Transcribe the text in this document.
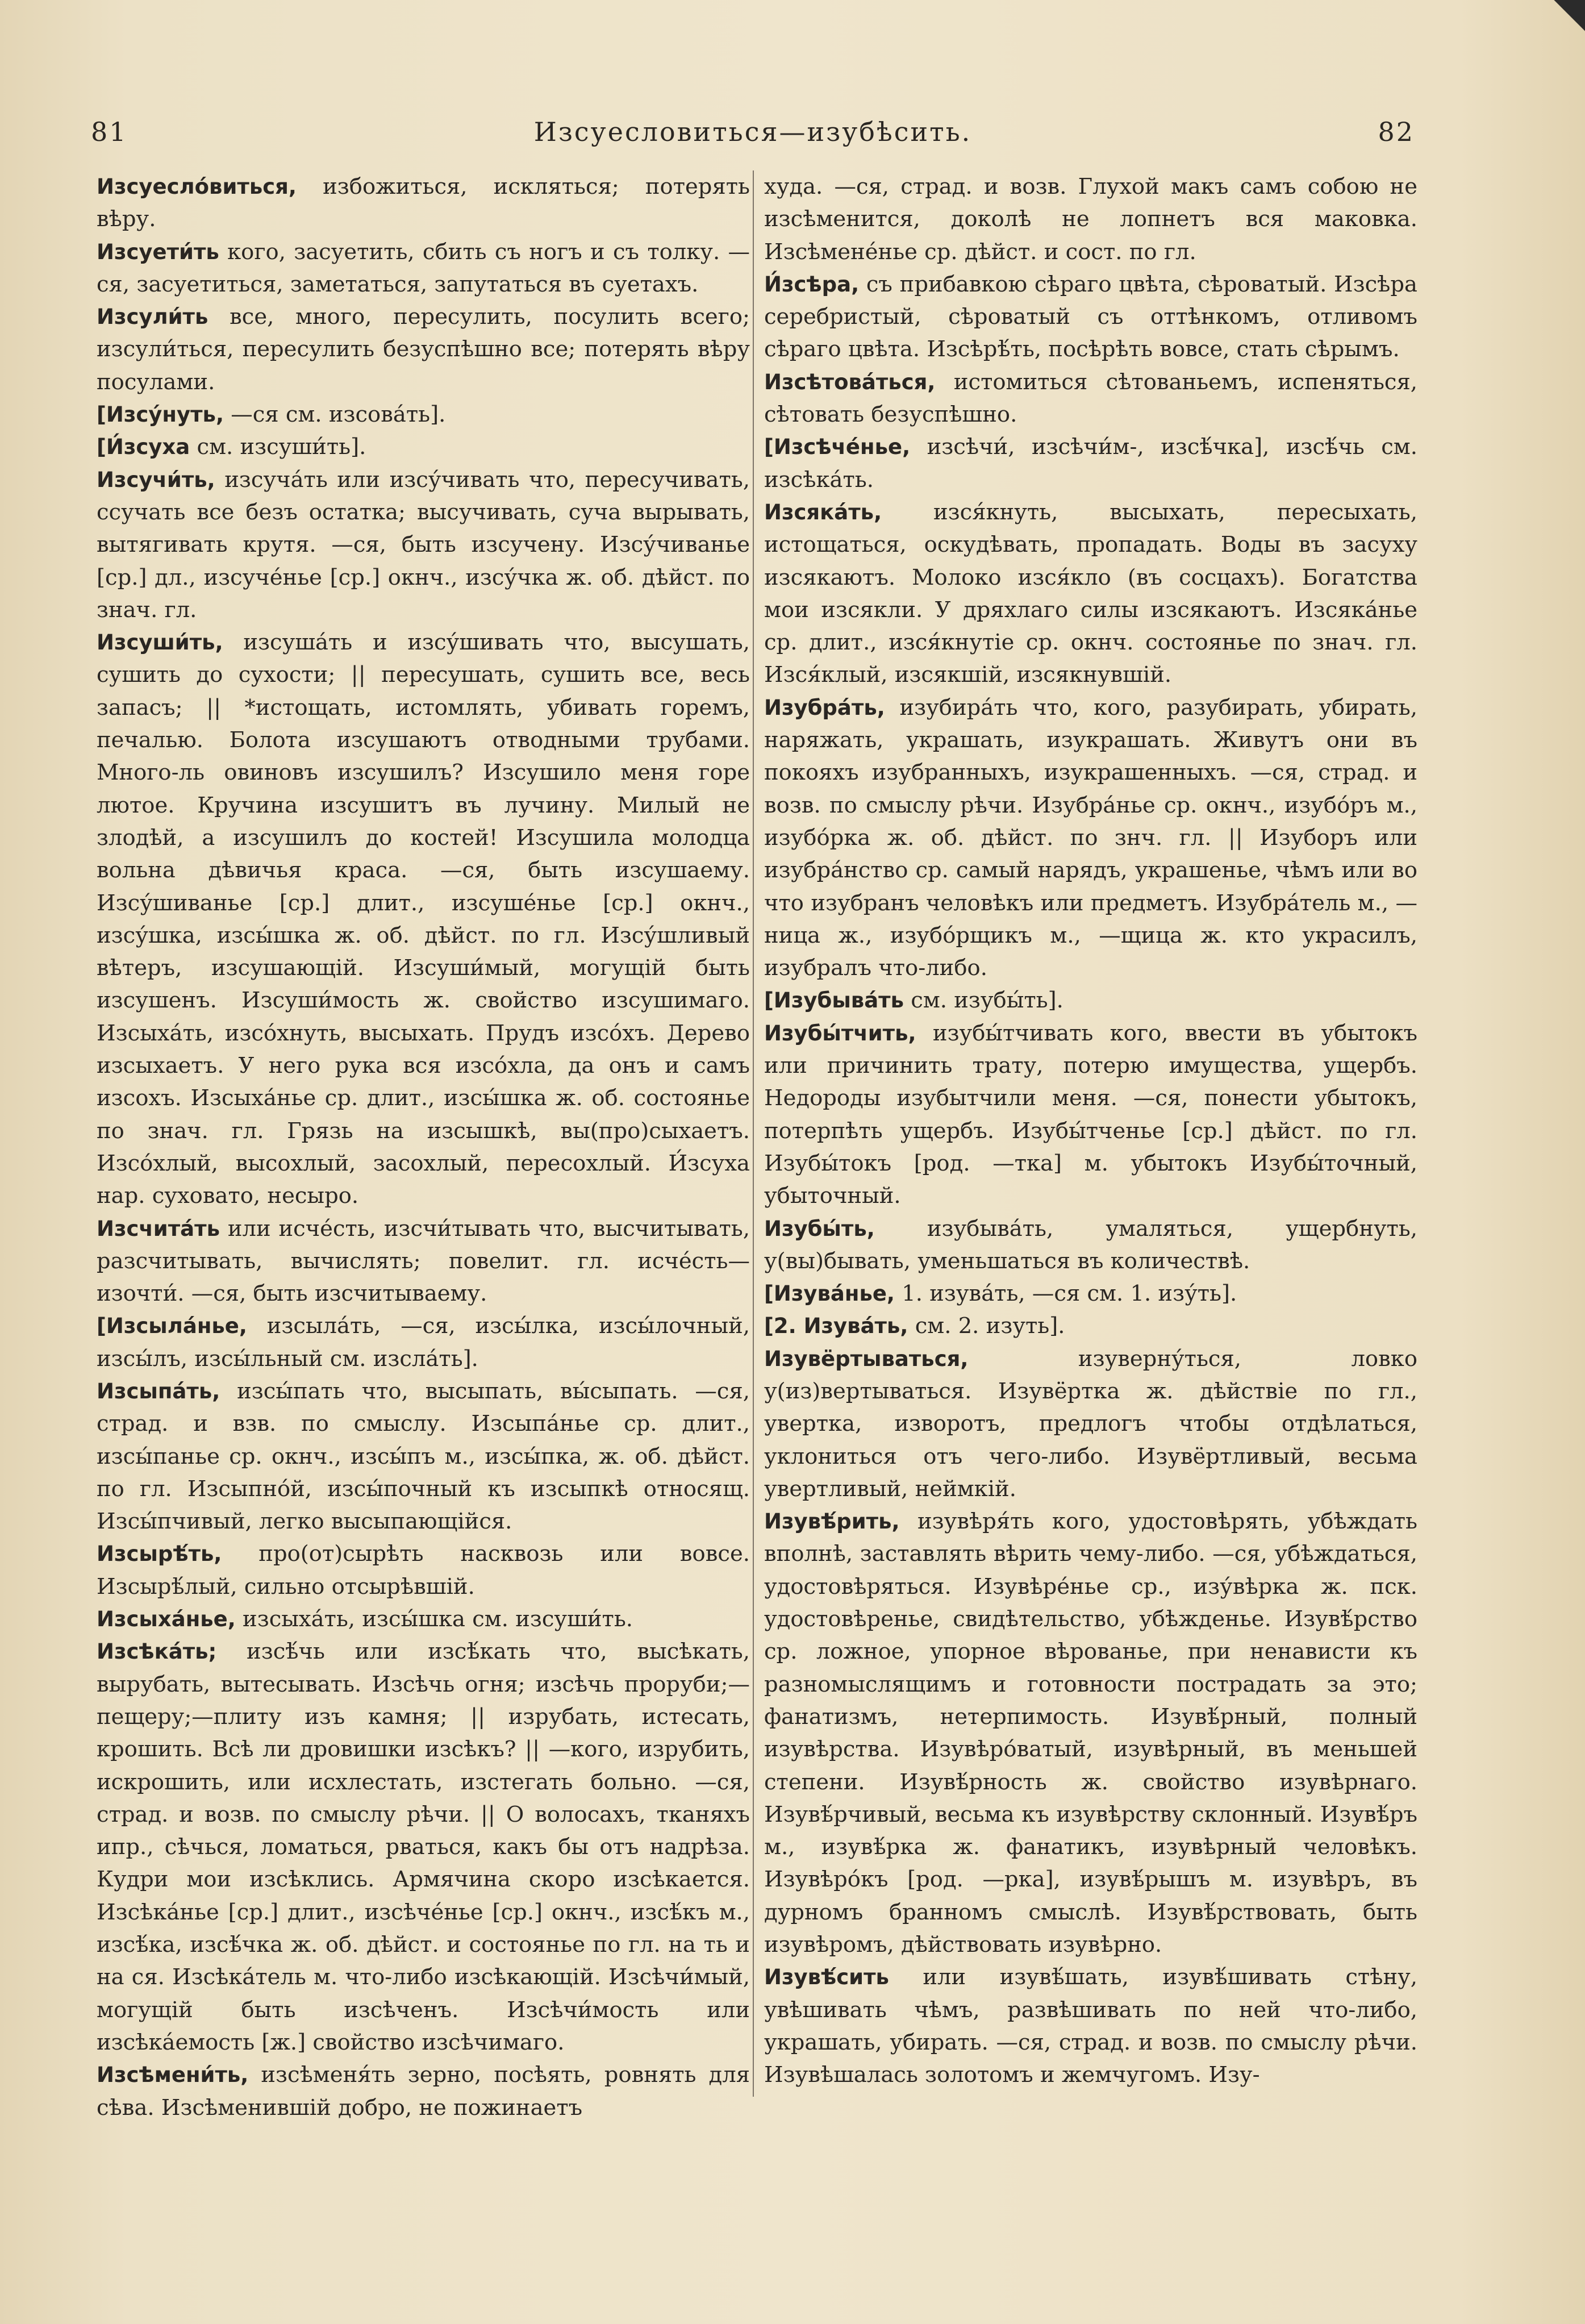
81	Изсуесловиться—изубѣсить.	82

Изсуесло́виться, избожиться, искляться; потерять вѣру.

Изсуети́ть кого, засуетить, сбить съ ногъ и съ толку. —ся, засуетиться, заметаться, запутаться въ суетахъ.

Изсули́ть все, много, пересулить, посулить всего; изсули́ться, пересулить безуспѣшно все; потерять вѣру посулами.

[Изсу́нуть, —ся см. изсова́ть].

[И́зсуха см. изсуши́ть].

Изсучи́ть, изсуча́ть или изсу́чивать что, пересучивать, ссучать все безъ остатка; высучивать, суча вырывать, вытягивать крутя. —ся, быть изсучену. Изсу́чиванье [ср.] дл., изсуче́нье [ср.] окнч., изсу́чка ж. об. дѣйст. по знач. гл.

Изсуши́ть, изсуша́ть и изсу́шивать что, высушать, сушить до сухости; || пересушать, сушить все, весь запасъ; || *истощать, истомлять, убивать горемъ, печалью. Болота изсушаютъ отводными трубами. Много-ль овиновъ изсушилъ? Изсушило меня горе лютое. Кручина изсушитъ въ лучину. Милый не злодѣй, а изсушилъ до костей! Изсушила молодца вольна дѣвичья краса. —ся, быть изсушаему. Изсу́шиванье [ср.] длит., изсуше́нье [ср.] окнч., изсу́шка, изсы́шка ж. об. дѣйст. по гл. Изсу́шливый вѣтеръ, изсушающій. Изсуши́мый, могущій быть изсушенъ. Изсуши́мость ж. свойство изсушимаго. Изсыха́ть, изсо́хнуть, высыхать. Прудъ изсо́хъ. Дерево изсыхаетъ. У него рука вся изсо́хла, да онъ и самъ изсохъ. Изсыха́нье ср. длит., изсы́шка ж. об. состоянье по знач. гл. Грязь на изсышкѣ, вы(про)сыхаетъ. Изсо́хлый, высохлый, засохлый, пересохлый. И́зсуха нар. суховато, несыро.

Изсчита́ть или исче́сть, изсчи́тывать что, высчитывать, разсчитывать, вычислять; повелит. гл. исче́сть—изочти́. —ся, быть изсчитываему.

[Изсыла́нье, изсыла́ть, —ся, изсы́лка, изсы́лочный, изсы́лъ, изсы́льный см. изсла́ть].

Изсыпа́ть, изсы́пать что, высыпать, вы́сыпать. —ся, страд. и взв. по смыслу. Изсыпа́нье ср. длит., изсы́панье ср. окнч., изсы́пъ м., изсы́пка, ж. об. дѣйст. по гл. Изсыпно́й, изсы́почный къ изсыпкѣ относящ. Изсы́пчивый, легко высыпающійся.

Изсырѣ́ть, про(от)сырѣть насквозь или вовсе. Изсырѣ́лый, сильно отсырѣвшій.

Изсыха́нье, изсыха́ть, изсы́шка см. изсуши́ть.

Изсѣка́ть; изсѣ́чь или изсѣ́кать что, высѣкать, вырубать, вытесывать. Изсѣчь огня; изсѣчь проруби;—пещеру;—плиту изъ камня; || изрубать, истесать, крошить. Всѣ ли дровишки изсѣкъ? || —кого, изрубить, искрошить, или исхлестать, изстегать больно. —ся, страд. и возв. по смыслу рѣчи. || О волосахъ, тканяхъ ипр., сѣчься, ломаться, рваться, какъ бы отъ надрѣза. Кудри мои изсѣклись. Армячина скоро изсѣкается. Изсѣка́нье [ср.] длит., изсѣче́нье [ср.] окнч., изсѣ́къ м., изсѣ́ка, изсѣ́чка ж. об. дѣйст. и состоянье по гл. на ть и на ся. Изсѣка́тель м. что-либо изсѣкающій. Изсѣчи́мый, могущій быть изсѣченъ. Изсѣчи́мость или изсѣка́емость [ж.] свойство изсѣчимаго.

Изсѣмени́ть, изсѣменя́ть зерно, посѣять, ровнять для сѣва. Изсѣменившій добро, не пожинаетъ

худа. —ся, страд. и возв. Глухой макъ самъ собою не изсѣменится, доколѣ не лопнетъ вся маковка. Изсѣменéнье ср. дѣйст. и сост. по гл.

И́зсѣра, съ прибавкою сѣраго цвѣта, сѣроватый. Изсѣра серебристый, сѣроватый съ оттѣнкомъ, отливомъ сѣраго цвѣта. Изсѣрѣ́ть, посѣрѣть вовсе, стать сѣрымъ.

Изсѣтова́ться, истомиться сѣтованьемъ, испеняться, сѣтовать безуспѣшно.

[Изсѣче́нье, изсѣчи́, изсѣчи́м-, изсѣ́чка], изсѣ́чь см. изсѣка́ть.

Изсяка́ть, изся́кнуть, высыхать, пересыхать, истощаться, оскудѣвать, пропадать. Воды въ засуху изсякаютъ. Молоко изся́кло (въ сосцахъ). Богатства мои изсякли. У дряхлаго силы изсякаютъ. Изсяка́нье ср. длит., изся́кнутіе ср. окнч. состоянье по знач. гл. Изся́клый, изсякшій, изсякнувшій.

Изубра́ть, изубира́ть что, кого, разубирать, убирать, наряжать, украшать, изукрашать. Живутъ они въ покояхъ изубранныхъ, изукрашенныхъ. —ся, страд. и возв. по смыслу рѣчи. Изубра́нье ср. окнч., изубо́ръ м., изубо́рка ж. об. дѣйст. по знч. гл. || Изуборъ или изубра́нство ср. самый нарядъ, украшенье, чѣмъ или во что изубранъ человѣкъ или предметъ. Изубра́тель м., —ница ж., изубо́рщикъ м., —щица ж. кто украсилъ, изубралъ что-либо.

[Изубыва́ть см. изубы́ть].

Изубы́тчить, изубы́тчивать кого, ввести въ убытокъ или причинить трату, потерю имущества, ущербъ. Недороды изубытчили меня. —ся, понести убытокъ, потерпѣть ущербъ. Изубы́тченье [ср.] дѣйст. по гл. Изубы́токъ [род. —тка] м. убытокъ Изубы́точный, убыточный.

Изубы́ть, изубыва́ть, умаляться, ущербнуть, у(вы)бывать, уменьшаться въ количествѣ.

[Изува́нье, 1. изува́ть, —ся см. 1. изу́ть].

[2. Изува́ть, см. 2. изуть].

Изувёртываться, изуверну́ться, ловко у(из)вертываться. Изувёртка ж. дѣйствіе по гл., увертка, изворотъ, предлогъ чтобы отдѣлаться, уклониться отъ чего-либо. Изувёртливый, весьма увертливый, неймкій.

Изувѣ́рить, изувѣря́ть кого, удостовѣрять, убѣждать вполнѣ, заставлять вѣрить чему-либо. —ся, убѣждаться, удостовѣряться. Изувѣре́нье ср., изу́вѣрка ж. пск. удостовѣренье, свидѣтельство, убѣжденье. Изувѣ́рство ср. ложное, упорное вѣрованье, при ненависти къ разномыслящимъ и готовности пострадать за это; фанатизмъ, нетерпимость. Изувѣ́рный, полный изувѣрства. Изувѣро́ватый, изувѣрный, въ меньшей степени. Изувѣ́рность ж. свойство изувѣрнаго. Изувѣ́рчивый, весьма къ изувѣрству склонный. Изувѣ́ръ м., изувѣ́рка ж. фанатикъ, изувѣрный человѣкъ. Изувѣро́къ [род. —рка], изувѣ́рышъ м. изувѣръ, въ дурномъ бранномъ смыслѣ. Изувѣ́рствовать, быть изувѣромъ, дѣйствовать изувѣрно.

Изувѣ́сить или изувѣ́шать, изувѣ́шивать стѣну, увѣшивать чѣмъ, развѣшивать по ней что-либо, украшать, убирать. —ся, страд. и возв. по смыслу рѣчи. Изувѣшалась золотомъ и жемчугомъ. Изу-
